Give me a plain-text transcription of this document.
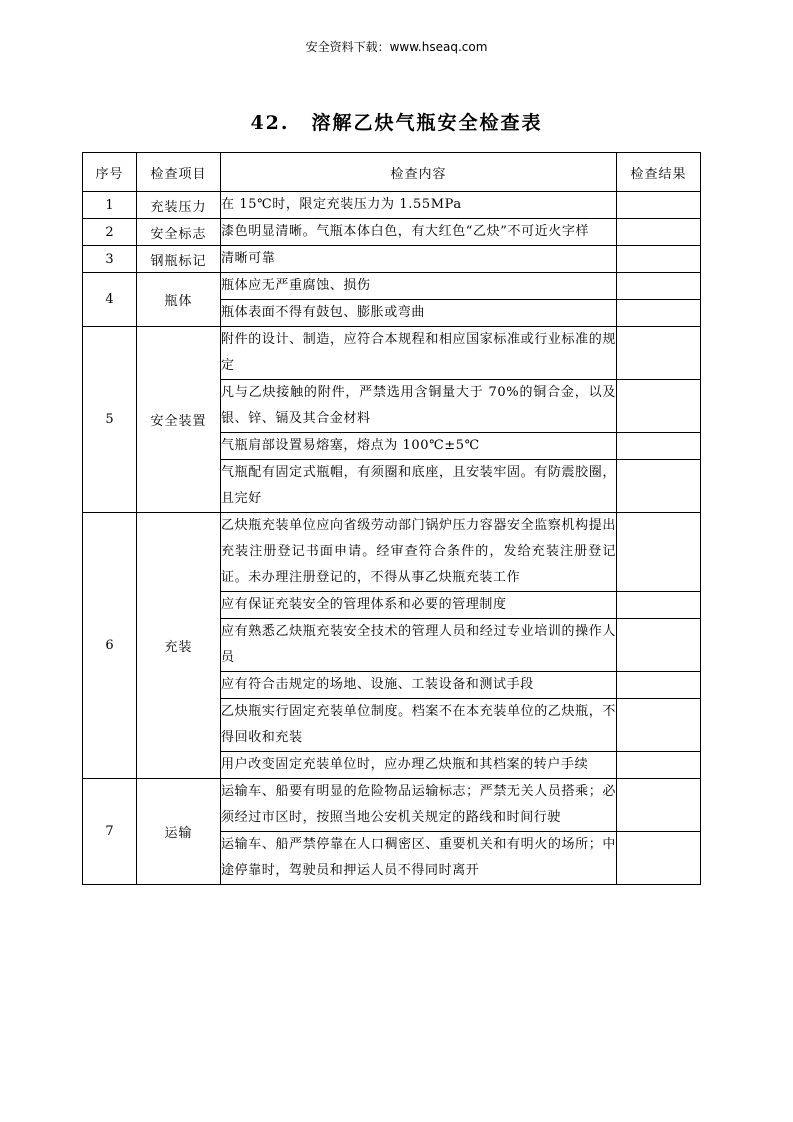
安全资料下载：www.hseaq.com
42. 溶解乙炔气瓶安全检查表
序号	检查项目	检查内容	检查结果
1	充装压力	在 15℃时，限定充装压力为 1.55MPa	
2	安全标志	漆色明显清晰。气瓶本体白色，有大红色“乙炔”不可近火字样	
3	钢瓶标记	清晰可靠	
4	瓶体	瓶体应无严重腐蚀、损伤	
		瓶体表面不得有鼓包、膨胀或弯曲	
5	安全装置	附件的设计、制造，应符合本规程和相应国家标准或行业标准的规定	
		凡与乙炔接触的附件，严禁选用含铜量大于 70%的铜合金，以及银、锌、镉及其合金材料	
		气瓶肩部设置易熔塞，熔点为 100℃±5℃	
		气瓶配有固定式瓶帽，有须圈和底座，且安装牢固。有防震胶圈，且完好	
6	充装	乙炔瓶充装单位应向省级劳动部门锅炉压力容器安全监察机构提出充装注册登记书面申请。经审查符合条件的，发给充装注册登记证。未办理注册登记的，不得从事乙炔瓶充装工作	
		应有保证充装安全的管理体系和必要的管理制度	
		应有熟悉乙炔瓶充装安全技术的管理人员和经过专业培训的操作人员	
		应有符合击规定的场地、设施、工装设备和测试手段	
		乙炔瓶实行固定充装单位制度。档案不在本充装单位的乙炔瓶，不得回收和充装	
		用户改变固定充装单位时，应办理乙炔瓶和其档案的转户手续	
7	运输	运输车、船要有明显的危险物品运输标志；严禁无关人员搭乘；必须经过市区时，按照当地公安机关规定的路线和时间行驶	
		运输车、船严禁停靠在人口稠密区、重要机关和有明火的场所；中途停靠时，驾驶员和押运人员不得同时离开	
